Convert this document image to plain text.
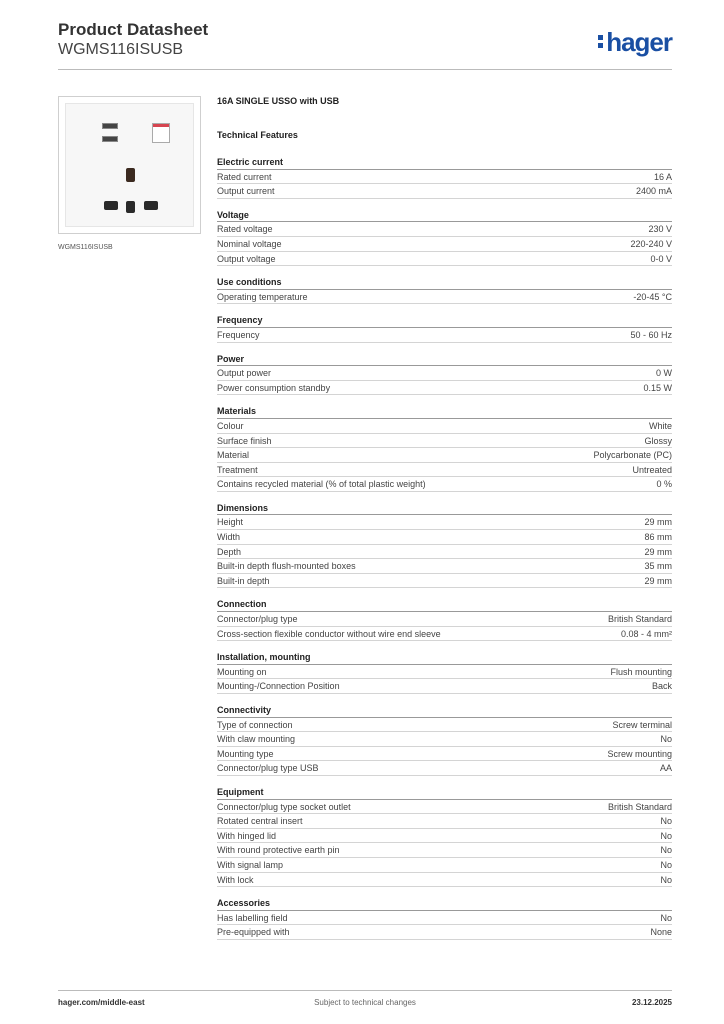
Product Datasheet
WGMS116ISUSB	hager
WGMS116ISUSB
16A SINGLE USSO with USB
Technical Features
Electric current
Rated current	16 A
Output current	2400 mA
Voltage
Rated voltage	230 V
Nominal voltage	220-240 V
Output voltage	0-0 V
Use conditions
Operating temperature	-20-45 °C
Frequency
Frequency	50 - 60 Hz
Power
Output power	0 W
Power consumption standby	0.15 W
Materials
Colour	White
Surface finish	Glossy
Material	Polycarbonate (PC)
Treatment	Untreated
Contains recycled material (% of total plastic weight)	0 %
Dimensions
Height	29 mm
Width	86 mm
Depth	29 mm
Built-in depth flush-mounted boxes	35 mm
Built-in depth	29 mm
Connection
Connector/plug type	British Standard
Cross-section flexible conductor without wire end sleeve	0.08 - 4 mm²
Installation, mounting
Mounting on	Flush mounting
Mounting-/Connection Position	Back
Connectivity
Type of connection	Screw terminal
With claw mounting	No
Mounting type	Screw mounting
Connector/plug type USB	AA
Equipment
Connector/plug type socket outlet	British Standard
Rotated central insert	No
With hinged lid	No
With round protective earth pin	No
With signal lamp	No
With lock	No
Accessories
Has labelling field	No
Pre-equipped with	None
hager.com/middle-east	Subject to technical changes	23.12.2025
